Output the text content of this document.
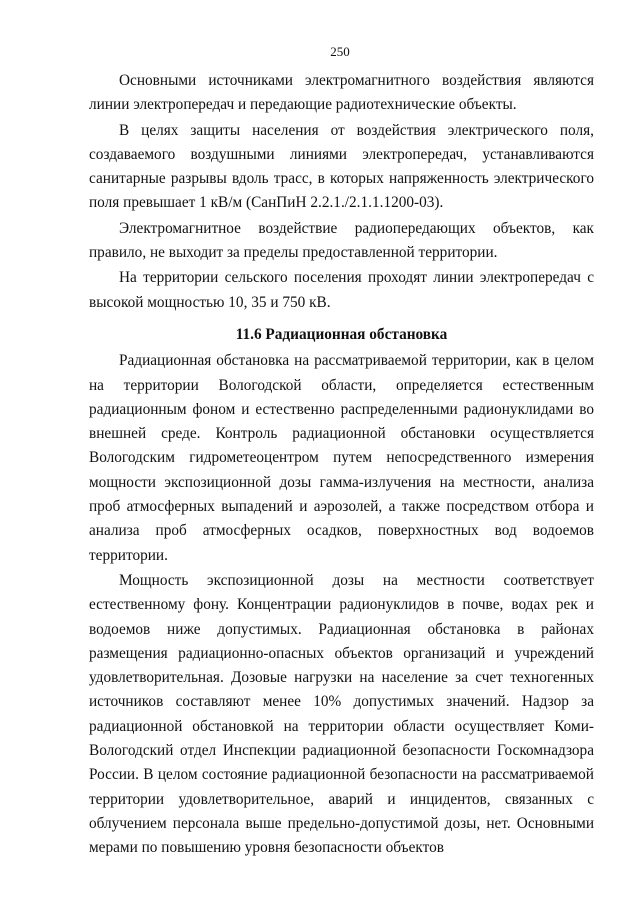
250

Основными источниками электромагнитного воздействия являются линии электропередач и передающие радиотехнические объекты.

В целях защиты населения от воздействия электрического поля, создаваемого воздушными линиями электропередач, устанавливаются санитарные разрывы вдоль трасс, в которых напряженность электрического поля превышает 1 кВ/м (СанПиН 2.2.1./2.1.1.1200-03).

Электромагнитное воздействие радиопередающих объектов, как правило, не выходит за пределы предоставленной территории.

На территории сельского поселения проходят линии электропередач с высокой мощностью 10, 35 и 750 кВ.

11.6 Радиационная обстановка

Радиационная обстановка на рассматриваемой территории, как в целом на территории Вологодской области, определяется естественным радиационным фоном и естественно распределенными радионуклидами во внешней среде. Контроль радиационной обстановки осуществляется Вологодским гидрометеоцентром путем непосредственного измерения мощности экспозиционной дозы гамма-излучения на местности, анализа проб атмосферных выпадений и аэрозолей, а также посредством отбора и анализа проб атмосферных осадков, поверхностных вод водоемов территории.

Мощность экспозиционной дозы на местности соответствует естественному фону. Концентрации радионуклидов в почве, водах рек и водоемов ниже допустимых. Радиационная обстановка в районах размещения радиационно-опасных объектов организаций и учреждений удовлетворительная. Дозовые нагрузки на население за счет техногенных источников составляют менее 10% допустимых значений. Надзор за радиационной обстановкой на территории области осуществляет Коми-Вологодский отдел Инспекции радиационной безопасности Госкомнадзора России. В целом состояние радиационной безопасности на рассматриваемой территории удовлетворительное, аварий и инцидентов, связанных с облучением персонала выше предельно-допустимой дозы, нет. Основными мерами по повышению уровня безопасности объектов
